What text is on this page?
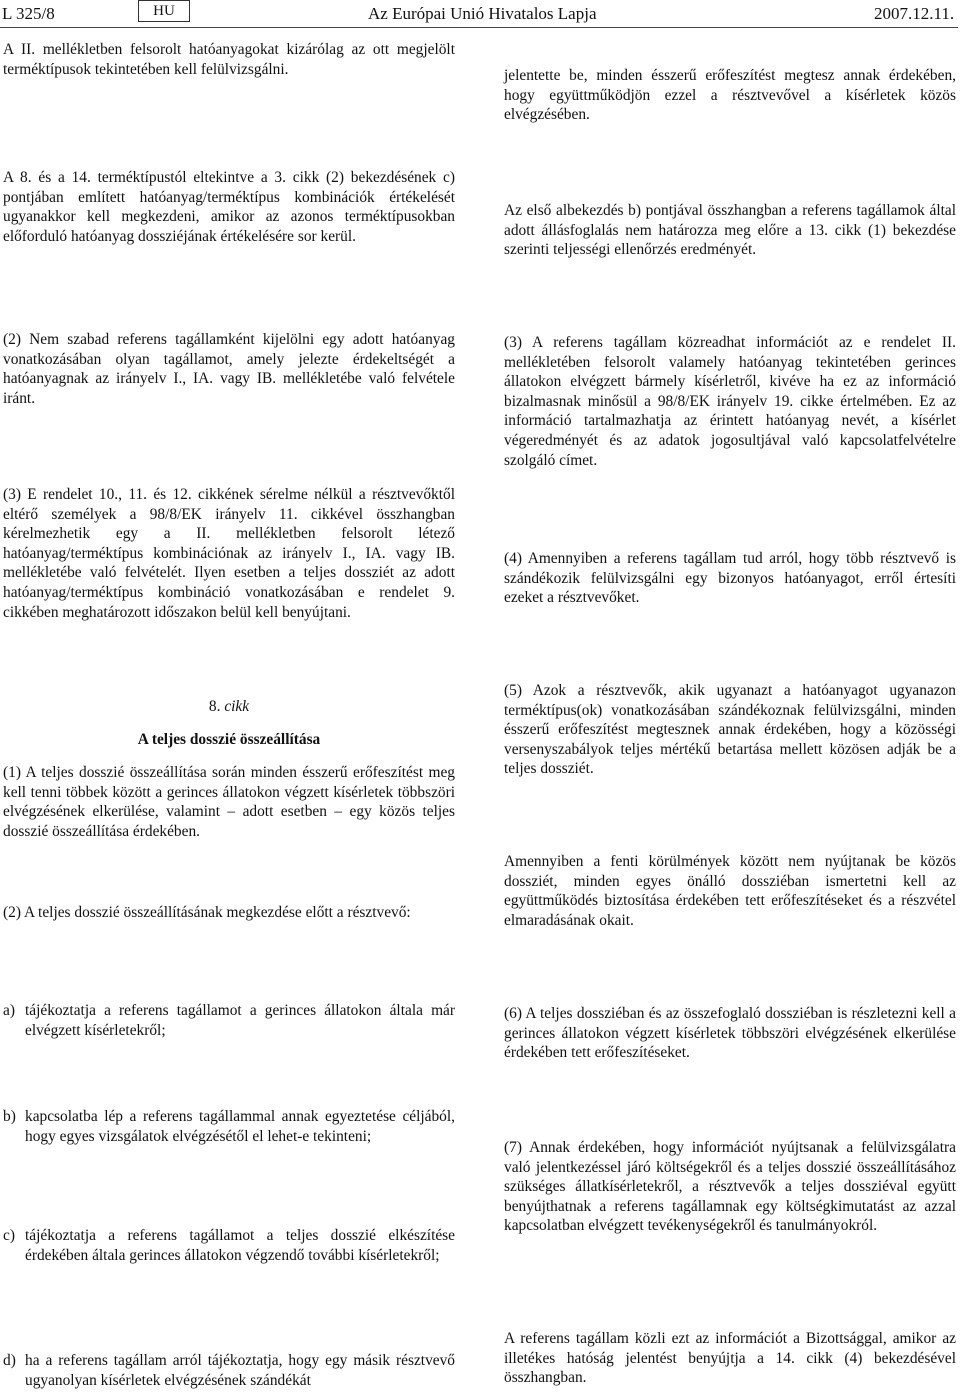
L 325/8	HU	Az Európai Unió Hivatalos Lapja	2007.12.11.

A II. mellékletben felsorolt hatóanyagokat kizárólag az ott megjelölt terméktípusok tekintetében kell felülvizsgálni.

A 8. és a 14. terméktípustól eltekintve a 3. cikk (2) bekezdésének c) pontjában említett hatóanyag/terméktípus kombinációk értékelését ugyanakkor kell megkezdeni, amikor az azonos terméktípusokban előforduló hatóanyag dossziéjának értékelésére sor kerül.

(2) Nem szabad referens tagállamként kijelölni egy adott hatóanyag vonatkozásában olyan tagállamot, amely jelezte érdekeltségét a hatóanyagnak az irányelv I., IA. vagy IB. mellékletébe való felvétele iránt.

(3) E rendelet 10., 11. és 12. cikkének sérelme nélkül a résztvevőktől eltérő személyek a 98/8/EK irányelv 11. cikkével összhangban kérelmezhetik egy a II. mellékletben felsorolt létező hatóanyag/terméktípus kombinációnak az irányelv I., IA. vagy IB. mellékletébe való felvételét. Ilyen esetben a teljes dossziét az adott hatóanyag/terméktípus kombináció vonatkozásában e rendelet 9. cikkében meghatározott időszakon belül kell benyújtani.

8. cikk

A teljes dosszié összeállítása

(1) A teljes dosszié összeállítása során minden ésszerű erőfeszítést meg kell tenni többek között a gerinces állatokon végzett kísérletek többszöri elvégzésének elkerülése, valamint – adott esetben – egy közös teljes dosszié összeállítása érdekében.

(2) A teljes dosszié összeállításának megkezdése előtt a résztvevő:

a) tájékoztatja a referens tagállamot a gerinces állatokon általa már elvégzett kísérletekről;
b) kapcsolatba lép a referens tagállammal annak egyeztetése céljából, hogy egyes vizsgálatok elvégzésétől el lehet-e tekinteni;
c) tájékoztatja a referens tagállamot a teljes dosszié elkészítése érdekében általa gerinces állatokon végzendő további kísérletekről;
d) ha a referens tagállam arról tájékoztatja, hogy egy másik résztvevő ugyanolyan kísérletek elvégzésének szándékát

jelentette be, minden ésszerű erőfeszítést megtesz annak érdekében, hogy együttműködjön ezzel a résztvevővel a kísérletek közös elvégzésében.

Az első albekezdés b) pontjával összhangban a referens tagállamok által adott állásfoglalás nem határozza meg előre a 13. cikk (1) bekezdése szerinti teljességi ellenőrzés eredményét.

(3) A referens tagállam közreadhat információt az e rendelet II. mellékletében felsorolt valamely hatóanyag tekintetében gerinces állatokon elvégzett bármely kísérletről, kivéve ha ez az információ bizalmasnak minősül a 98/8/EK irányelv 19. cikke értelmében. Ez az információ tartalmazhatja az érintett hatóanyag nevét, a kísérlet végeredményét és az adatok jogosultjával való kapcsolatfelvételre szolgáló címet.

(4) Amennyiben a referens tagállam tud arról, hogy több résztvevő is szándékozik felülvizsgálni egy bizonyos hatóanyagot, erről értesíti ezeket a résztvevőket.

(5) Azok a résztvevők, akik ugyanazt a hatóanyagot ugyanazon terméktípus(ok) vonatkozásában szándékoznak felülvizsgálni, minden ésszerű erőfeszítést megtesznek annak érdekében, hogy a közösségi versenyszabályok teljes mértékű betartása mellett közösen adják be a teljes dossziét.

Amennyiben a fenti körülmények között nem nyújtanak be közös dossziét, minden egyes önálló dossziéban ismertetni kell az együttműködés biztosítása érdekében tett erőfeszítéseket és a részvétel elmaradásának okait.

(6) A teljes dossziéban és az összefoglaló dossziéban is részletezni kell a gerinces állatokon végzett kísérletek többszöri elvégzésének elkerülése érdekében tett erőfeszítéseket.

(7) Annak érdekében, hogy információt nyújtsanak a felülvizsgálatra való jelentkezéssel járó költségekről és a teljes dosszié összeállításához szükséges állatkísérletekről, a résztvevők a teljes dossziéval együtt benyújthatnak a referens tagállamnak egy költségkimutatást az azzal kapcsolatban elvégzett tevékenységekről és tanulmányokról.

A referens tagállam közli ezt az információt a Bizottsággal, amikor az illetékes hatóság jelentést benyújtja a 14. cikk (4) bekezdésével összhangban.
